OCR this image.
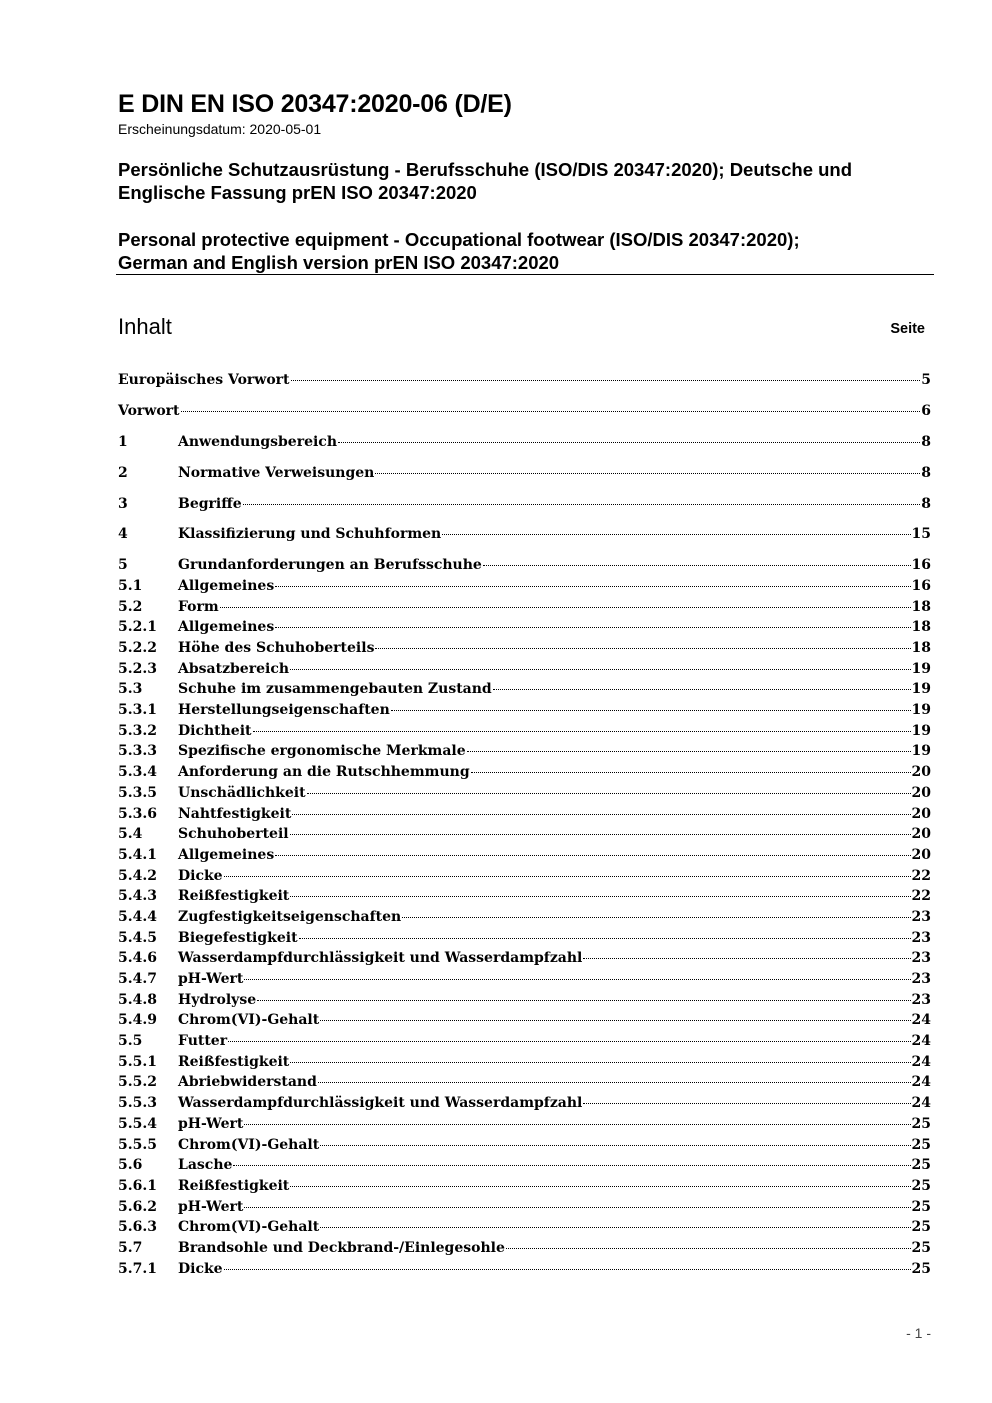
E DIN EN ISO 20347:2020-06 (D/E)
Erscheinungsdatum: 2020-05-01
Persönliche Schutzausrüstung - Berufsschuhe (ISO/DIS 20347:2020); Deutsche und
Englische Fassung prEN ISO 20347:2020
Personal protective equipment - Occupational footwear (ISO/DIS 20347:2020);
German and English version prEN ISO 20347:2020
Inhalt	Seite
Europäisches Vorwort	5
Vorwort	6
1	Anwendungsbereich	8
2	Normative Verweisungen	8
3	Begriffe	8
4	Klassifizierung und Schuhformen	15
5	Grundanforderungen an Berufsschuhe	16
5.1	Allgemeines	16
5.2	Form	18
5.2.1	Allgemeines	18
5.2.2	Höhe des Schuhoberteils	18
5.2.3	Absatzbereich	19
5.3	Schuhe im zusammengebauten Zustand	19
5.3.1	Herstellungseigenschaften	19
5.3.2	Dichtheit	19
5.3.3	Spezifische ergonomische Merkmale	19
5.3.4	Anforderung an die Rutschhemmung	20
5.3.5	Unschädlichkeit	20
5.3.6	Nahtfestigkeit	20
5.4	Schuhoberteil	20
5.4.1	Allgemeines	20
5.4.2	Dicke	22
5.4.3	Reißfestigkeit	22
5.4.4	Zugfestigkeitseigenschaften	23
5.4.5	Biegefestigkeit	23
5.4.6	Wasserdampfdurchlässigkeit und Wasserdampfzahl	23
5.4.7	pH-Wert	23
5.4.8	Hydrolyse	23
5.4.9	Chrom(VI)-Gehalt	24
5.5	Futter	24
5.5.1	Reißfestigkeit	24
5.5.2	Abriebwiderstand	24
5.5.3	Wasserdampfdurchlässigkeit und Wasserdampfzahl	24
5.5.4	pH-Wert	25
5.5.5	Chrom(VI)-Gehalt	25
5.6	Lasche	25
5.6.1	Reißfestigkeit	25
5.6.2	pH-Wert	25
5.6.3	Chrom(VI)-Gehalt	25
5.7	Brandsohle und Deckbrand-/Einlegesohle	25
5.7.1	Dicke	25
- 1 -
